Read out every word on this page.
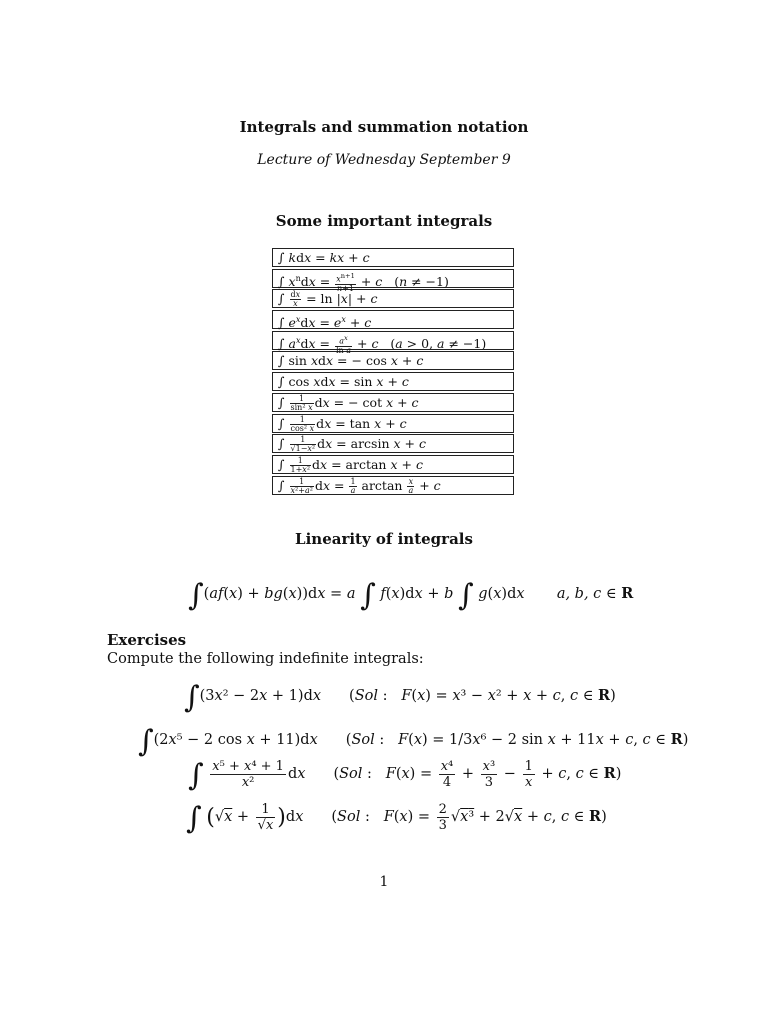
Integrals and summation notation
Lecture of Wednesday September 9
Some important integrals
∫ kdx = kx + c
∫ $x^ndx = \frac{x^{n+1}}{n+1} + c$   (n ≠ −1)
∫ $\frac{dx}{x} = \ln |x| + c$
∫ $e^xdx = e^x + c$
∫ $a^xdx = \frac{a^x}{\text{ln a}} + c$   (a > 0, a ≠ −1)
∫ sin xdx = − cos x + c
∫ cos xdx = sin x + c
∫ $\frac{1}{\text{sin² x}}$ dx = − cot x + c
∫ $\frac{1}{\text{cos² x}}$ dx = tan x + c
∫ $\frac{1}{\text{√1−x²}}$ dx = arcsin x + c
∫ $\frac{1}{\text{1+x²}}$ dx = arctan x + c
∫ $\frac{1}{\text{x²+a²}}$ dx = $\frac{1}{a}$ $\arctan \frac{x}{a} + c$
Linearity of integrals
∫(af(x) + bg(x))dx = a ∫ f(x)dx + b ∫ g(x)dx a, b, c ∈ R
Exercises
Compute the following indefinite integrals:
∫(3x² − 2x + 1)dx (Sol :   F(x) = x³ − x² + x + c, c ∈ R)
∫(2x⁵ − 2 cos x + 11)dx (Sol :   F(x) = 1/3x⁶ − 2 sin x + 11x + c, c ∈ R)
∫ $\frac{\text{x⁵ + x⁴ + 1}}{\text{x²}}$ dx (Sol :   $F(x) = \frac{\text{x⁴}}{4} + \frac{\text{x³}}{3} - \frac{1}{x} + c$, c ∈ R)
∫ $(√x + \frac{1}{√x} )dx$ (Sol :   $F(x) = \frac{2}{3} √x^3 + 2√x + c$, c ∈ R)
1
